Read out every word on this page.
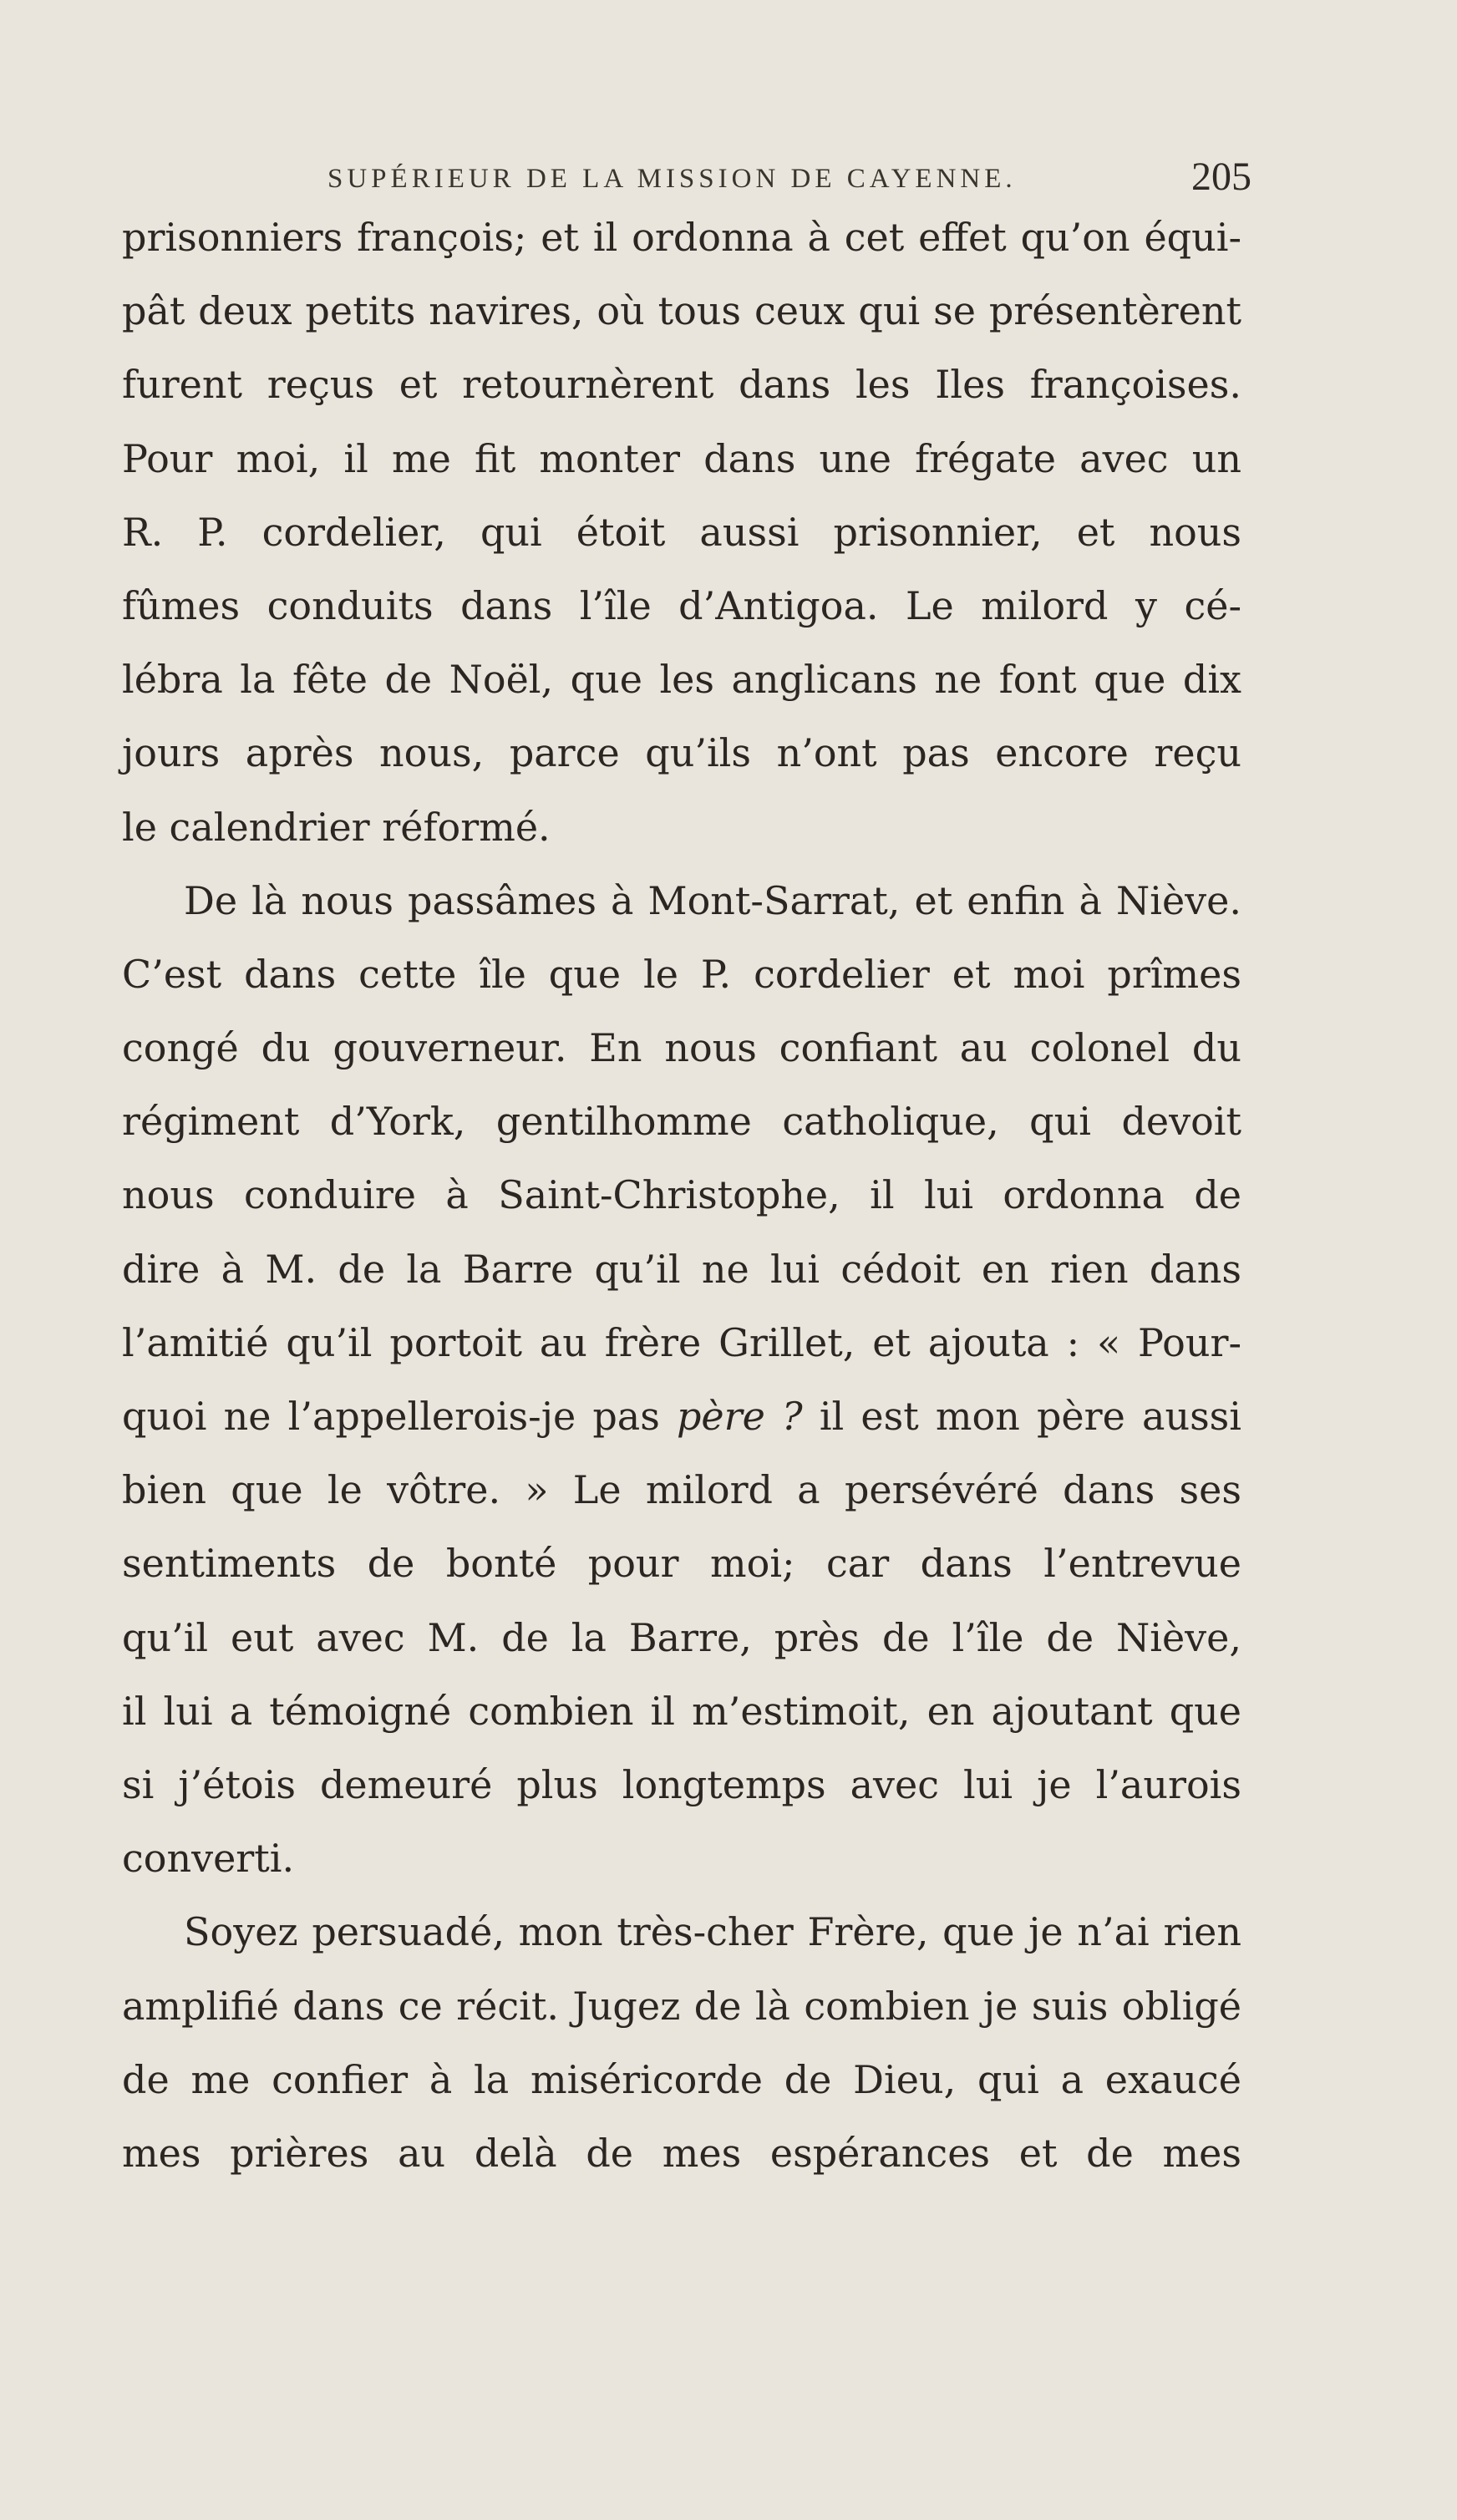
SUPÉRIEUR DE LA MISSION DE CAYENNE.	205
prisonniers françois; et il ordonna à cet effet qu’on équi-
pât deux petits navires, où tous ceux qui se présentèrent
furent reçus et retournèrent dans les Iles françoises.
Pour moi, il me fit monter dans une frégate avec un
R. P. cordelier, qui étoit aussi prisonnier, et nous
fûmes conduits dans l’île d’Antigoa. Le milord y cé-
lébra la fête de Noël, que les anglicans ne font que dix
jours après nous, parce qu’ils n’ont pas encore reçu
le calendrier réformé.
De là nous passâmes à Mont-Sarrat, et enfin à Niève.
C’est dans cette île que le P. cordelier et moi prîmes
congé du gouverneur. En nous confiant au colonel du
régiment d’York, gentilhomme catholique, qui devoit
nous conduire à Saint-Christophe, il lui ordonna de
dire à M. de la Barre qu’il ne lui cédoit en rien dans
l’amitié qu’il portoit au frère Grillet, et ajouta : « Pour-
quoi ne l’appellerois-je pas père ? il est mon père aussi
bien que le vôtre. » Le milord a persévéré dans ses
sentiments de bonté pour moi; car dans l’entrevue
qu’il eut avec M. de la Barre, près de l’île de Niève,
il lui a témoigné combien il m’estimoit, en ajoutant que
si j’étois demeuré plus longtemps avec lui je l’aurois
converti.
Soyez persuadé, mon très-cher Frère, que je n’ai rien
amplifié dans ce récit. Jugez de là combien je suis obligé
de me confier à la miséricorde de Dieu, qui a exaucé
mes prières au delà de mes espérances et de mes
